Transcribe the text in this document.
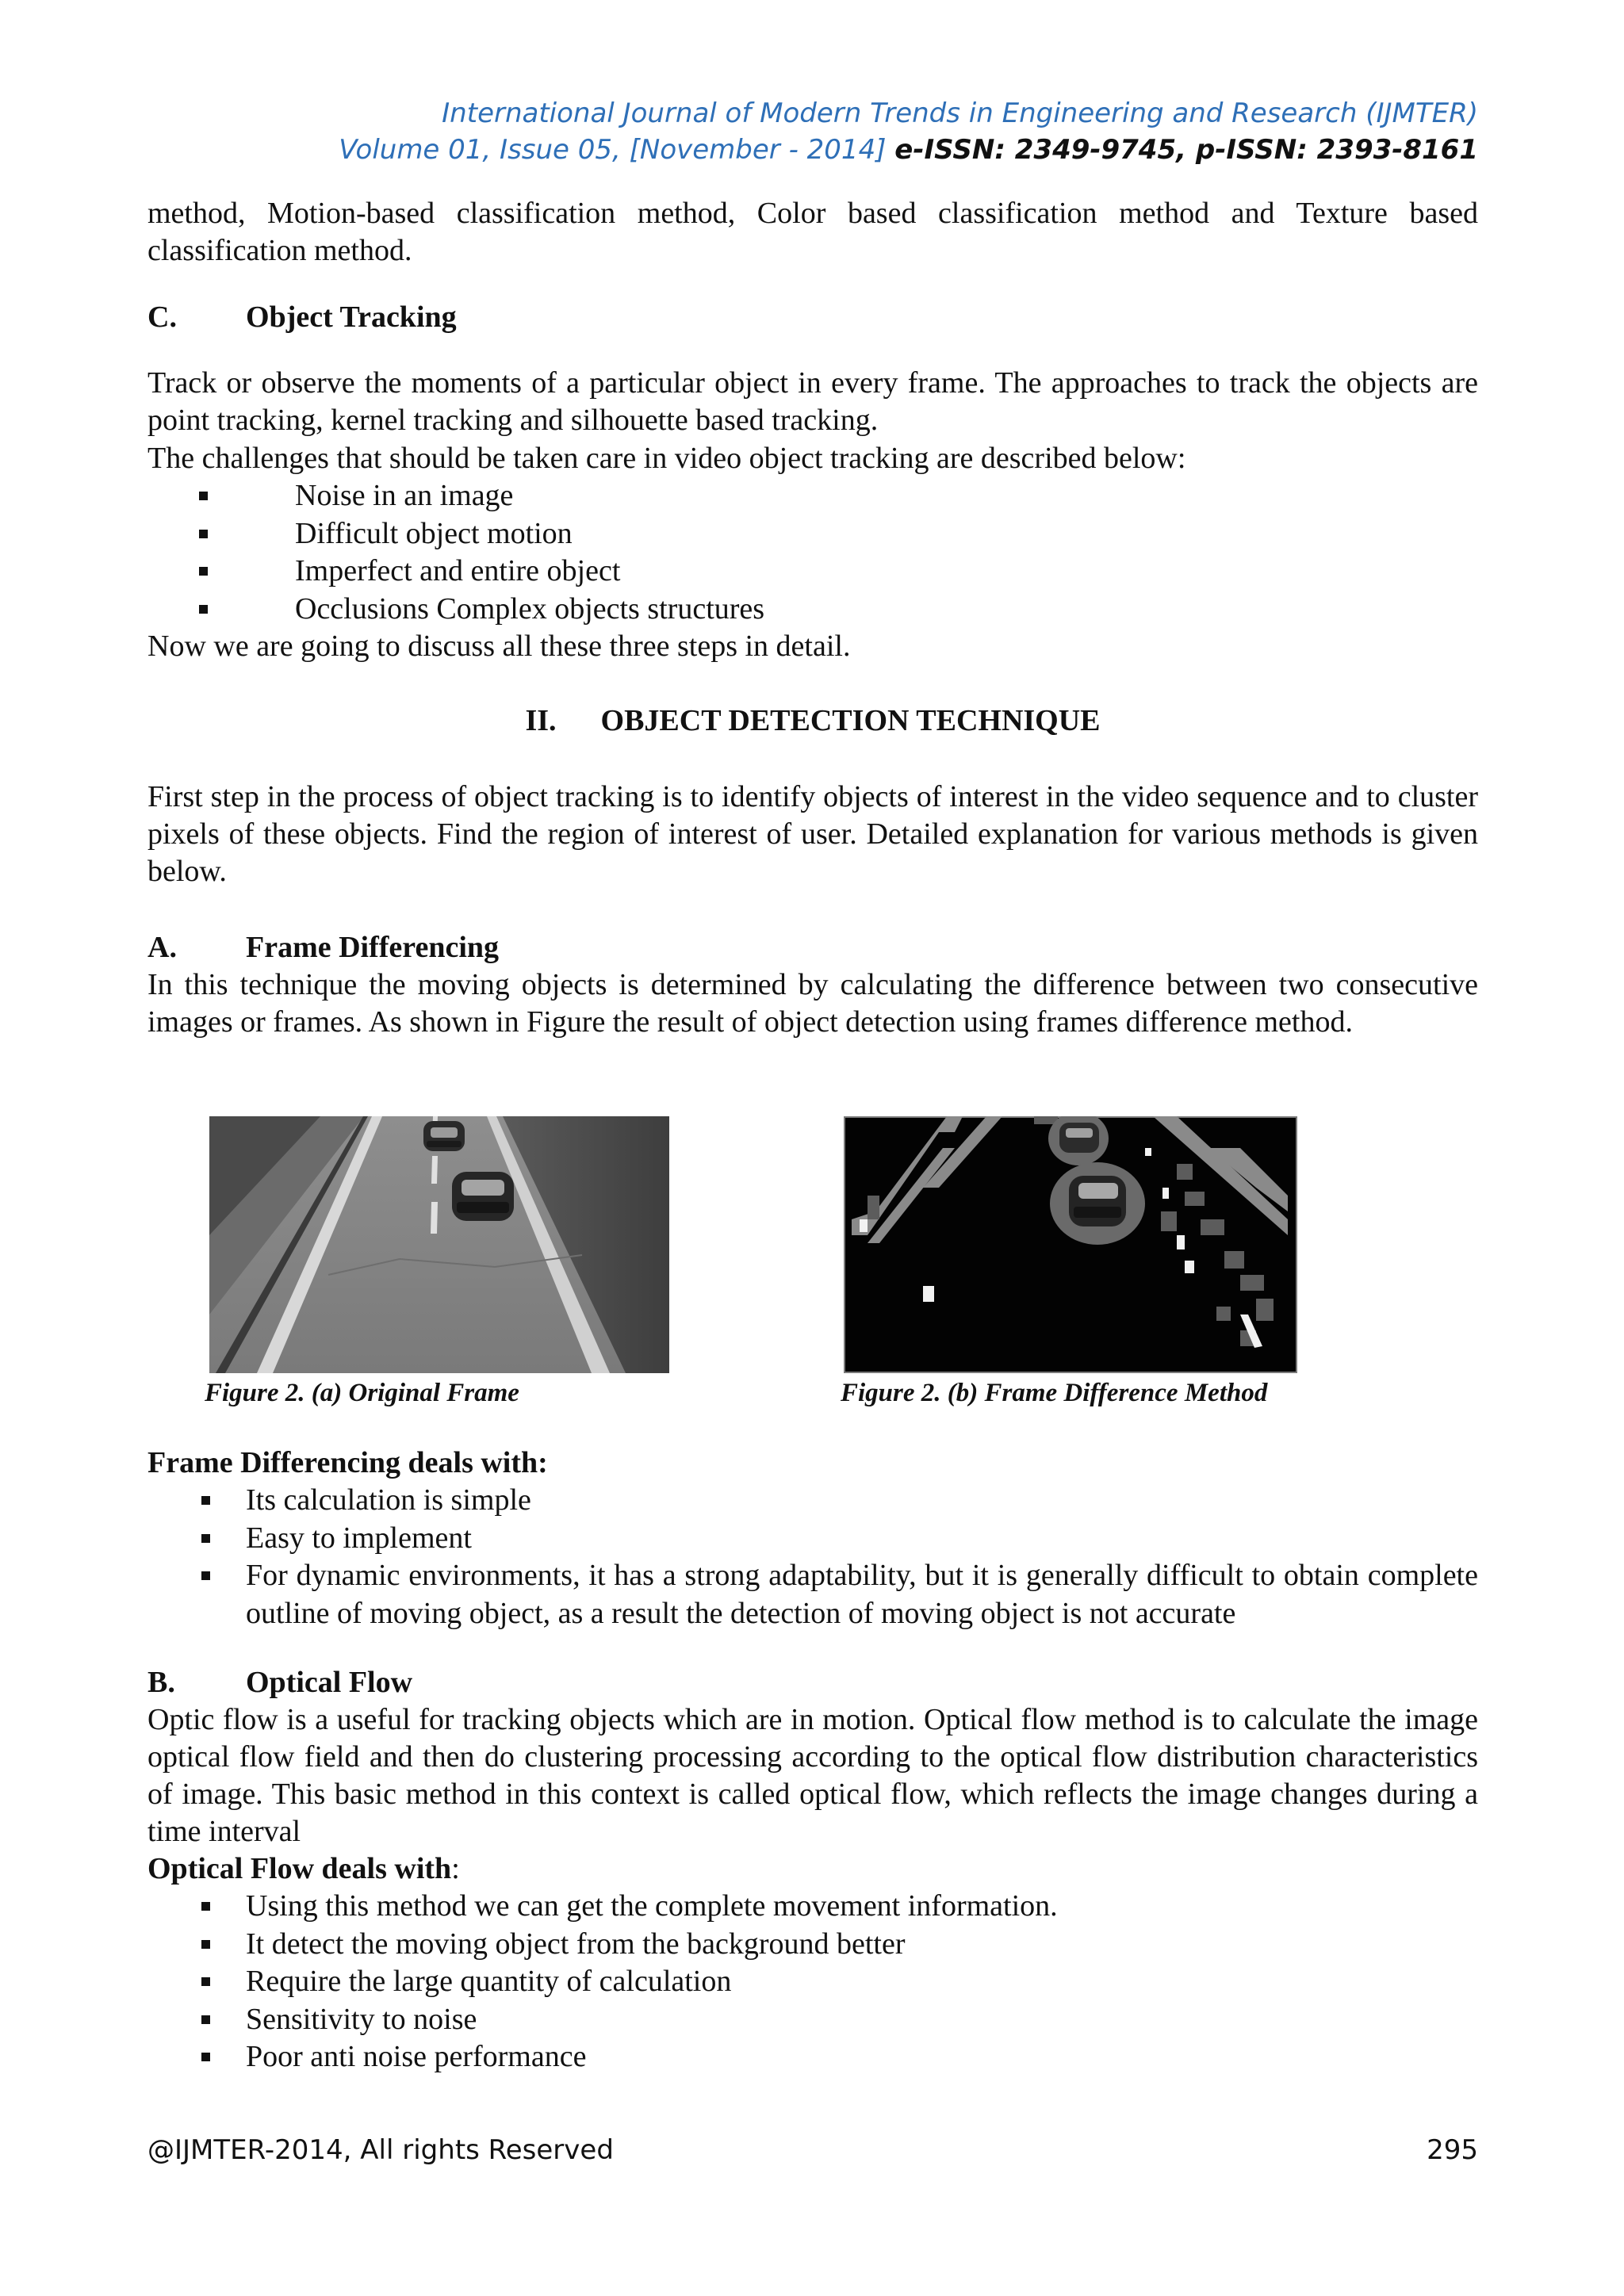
International Journal of Modern Trends in Engineering and Research (IJMTER)
Volume 01, Issue 05, [November - 2014] e-ISSN: 2349-9745, p-ISSN: 2393-8161
method, Motion-based classification method, Color based classification method and Texture based classification method.
C. Object Tracking
Track or observe the moments of a particular object in every frame. The approaches to track the objects are point tracking, kernel tracking and silhouette based tracking.
The challenges that should be taken care in video object tracking are described below:
Noise in an image
Difficult object motion
Imperfect and entire object
Occlusions Complex objects structures
Now we are going to discuss all these three steps in detail.
II. OBJECT DETECTION TECHNIQUE
First step in the process of object tracking is to identify objects of interest in the video sequence and to cluster pixels of these objects. Find the region of interest of user. Detailed explanation for various methods is given below.
A. Frame Differencing
In this technique the moving objects is determined by calculating the difference between two consecutive images or frames. As shown in Figure the result of object detection using frames difference method.
Figure 2. (a) Original Frame	Figure 2. (b) Frame Difference Method
Frame Differencing deals with:
Its calculation is simple
Easy to implement
For dynamic environments, it has a strong adaptability, but it is generally difficult to obtain complete outline of moving object, as a result the detection of moving object is not accurate
B. Optical Flow
Optic flow is a useful for tracking objects which are in motion. Optical flow method is to calculate the image optical flow field and then do clustering processing according to the optical flow distribution characteristics of image. This basic method in this context is called optical flow, which reflects the image changes during a time interval
Optical Flow deals with:
Using this method we can get the complete movement information.
It detect the moving object from the background better
Require the large quantity of calculation
Sensitivity to noise
Poor anti noise performance
@IJMTER-2014, All rights Reserved	295
